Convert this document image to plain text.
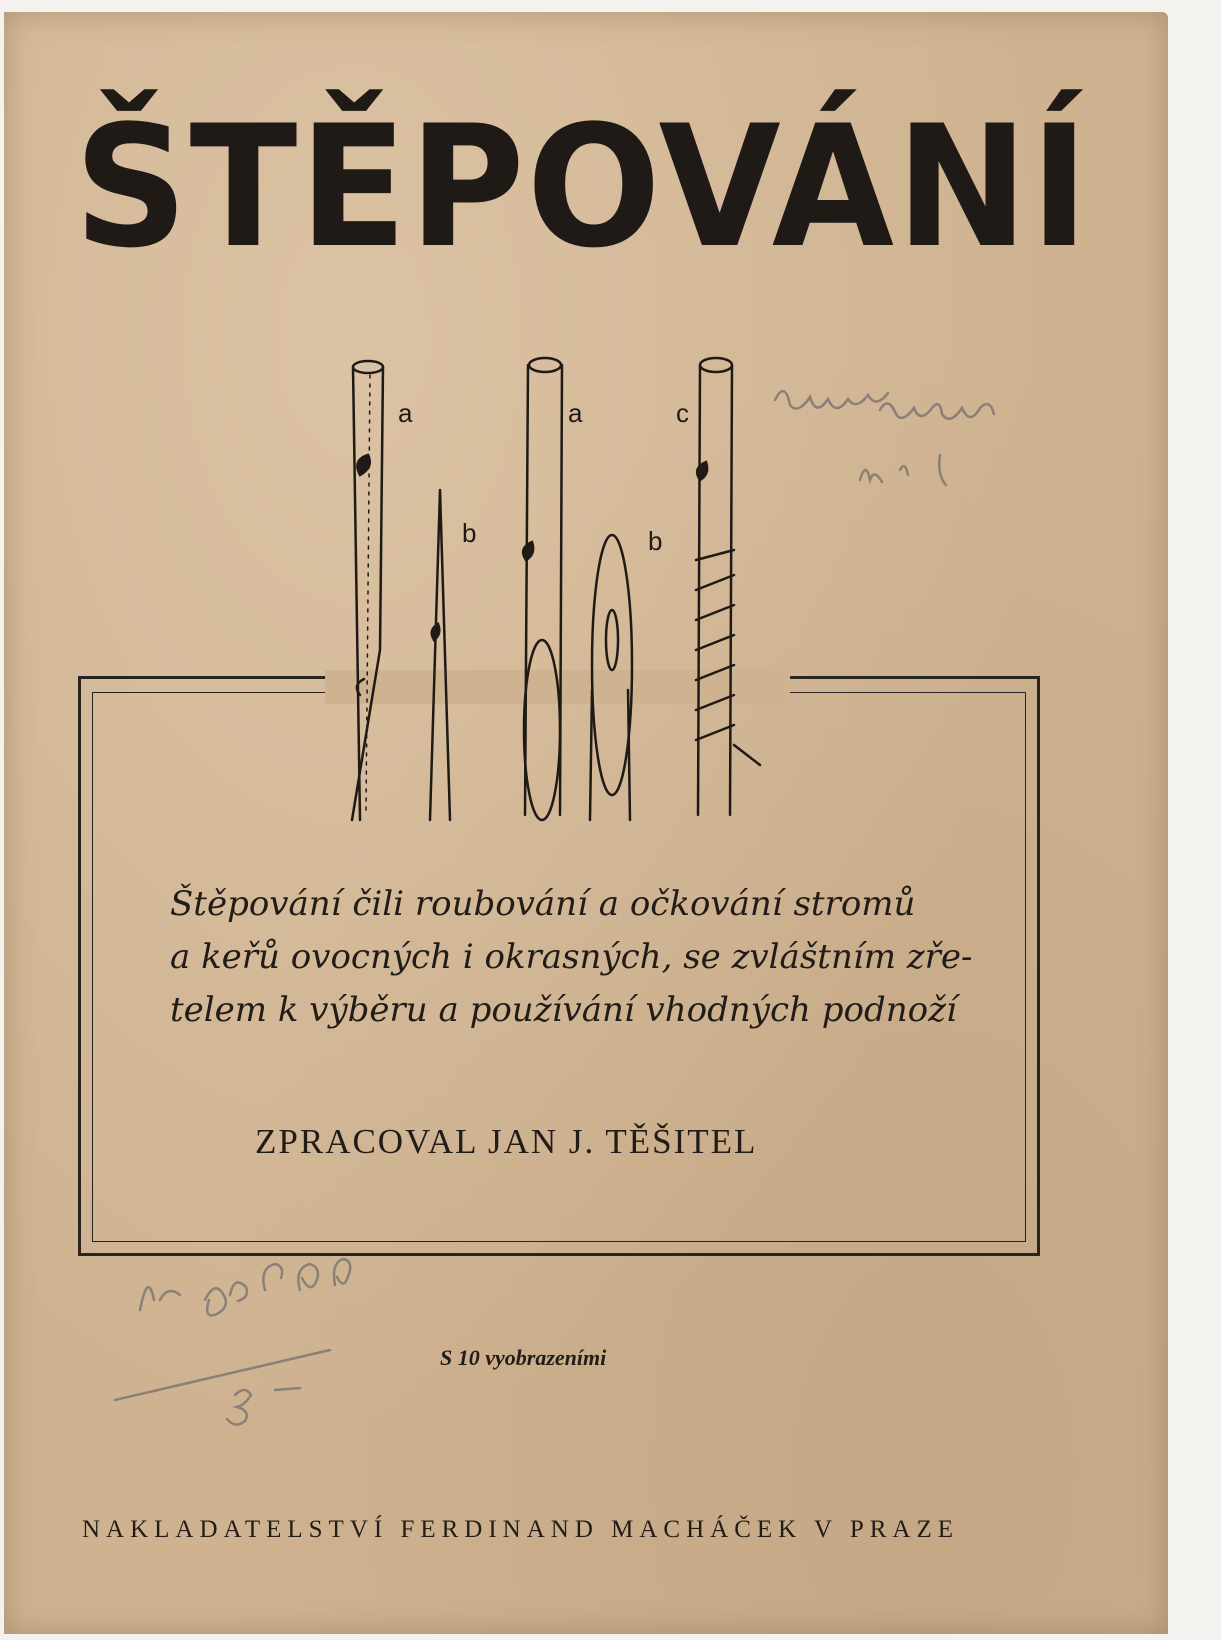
ŠTĚPOVÁNÍ
a
b
a
b
c
Štěpování čili roubování a očkování stromů
a keřů ovocných i okrasných, se zvláštním zře-
telem k výběru a používání vhodných podnoží
ZPRACOVAL JAN J. TĚŠITEL
S 10 vyobrazeními
NAKLADATELSTVÍ FERDINAND MACHÁČEK V PRAZE
